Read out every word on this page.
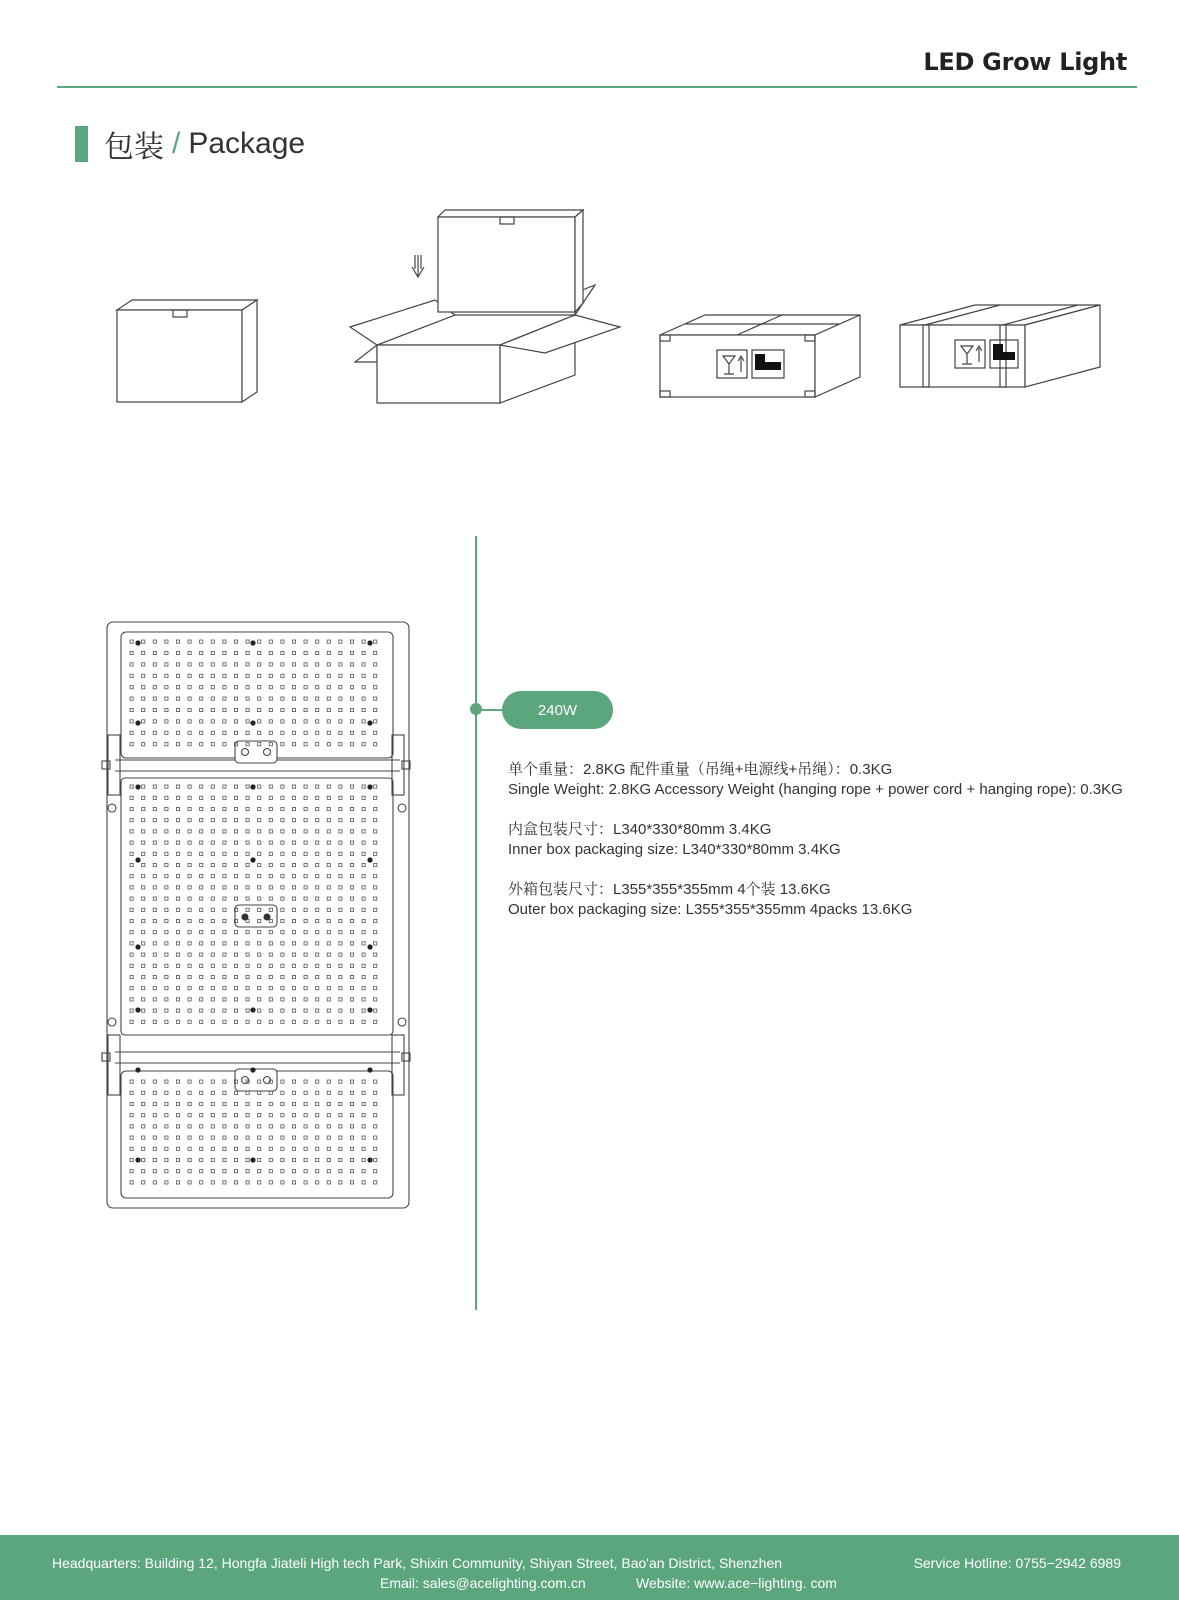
LED Grow Light
包装 / Package
240W

单个重量：2.8KG 配件重量（吊绳+电源线+吊绳）：0.3KG

Single Weight: 2.8KG Accessory Weight (hanging rope + power cord + hanging rope): 0.3KG

内盒包装尺寸：L340*330*80mm 3.4KG

Inner box packaging size: L340*330*80mm 3.4KG

外箱包装尺寸：L355*355*355mm 4个装 13.6KG

Outer box packaging size: L355*355*355mm 4packs 13.6KG

Headquarters: Building 12, Hongfa Jiateli High tech Park, Shixin Community, Shiyan Street, Bao'an District, Shenzhen	Service Hotline: 0755−2942 6989
Email: sales@acelighting.com.cn	Website: www.ace−lighting. com
